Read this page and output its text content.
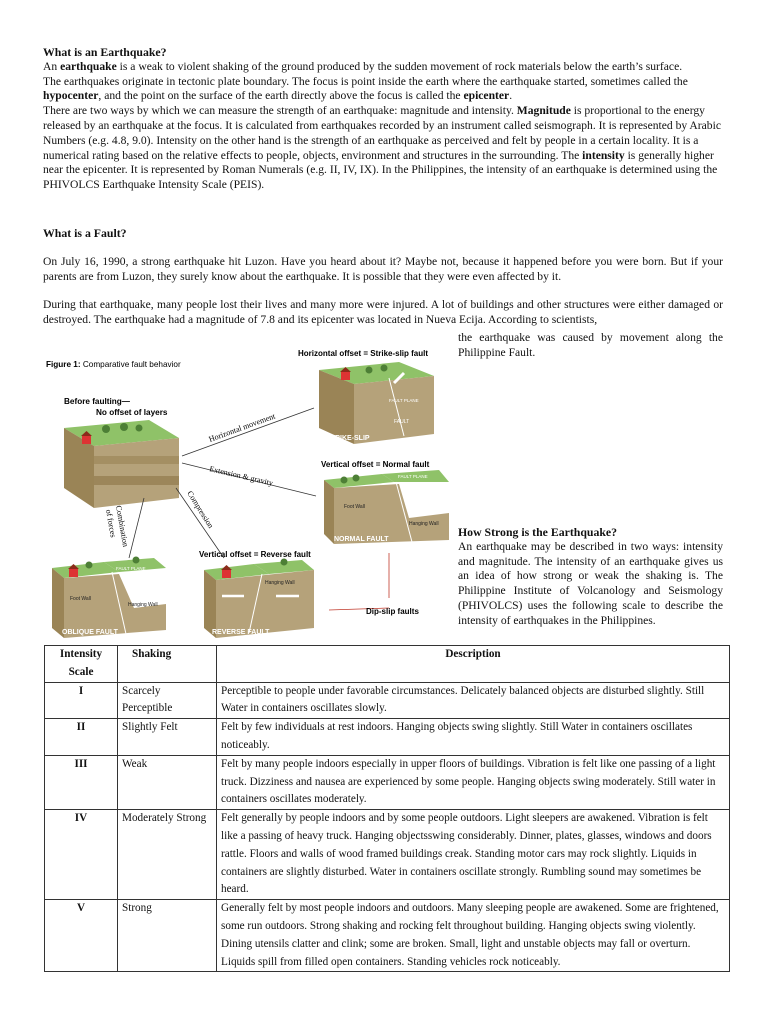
What is an Earthquake?

An earthquake is a weak to violent shaking of the ground produced by the sudden movement of rock materials below the earth’s surface.

The earthquakes originate in tectonic plate boundary. The focus is point inside the earth where the earthquake started, sometimes called the hypocenter, and the point on the surface of the earth directly above the focus is called the epicenter.

There are two ways by which we can measure the strength of an earthquake: magnitude and intensity. Magnitude is proportional to the energy released by an earthquake at the focus. It is calculated from earthquakes recorded by an instrument called seismograph. It is represented by Arabic Numbers (e.g. 4.8, 9.0). Intensity on the other hand is the strength of an earthquake as perceived and felt by people in a certain locality. It is a numerical rating based on the relative effects to people, objects, environment and structures in the surrounding. The intensity is generally higher near the epicenter. It is represented by Roman Numerals (e.g. II, IV, IX). In the Philippines, the intensity of an earthquake is determined using the PHIVOLCS Earthquake Intensity Scale (PEIS).

What is a Fault?

On July 16, 1990, a strong earthquake hit Luzon. Have you heard about it? Maybe not, because it happened before you were born. But if your parents are from Luzon, they surely know about the earthquake. It is possible that they were even affected by it.

During that earthquake, many people lost their lives and many more were injured. A lot of buildings and other structures were either damaged or destroyed. The earthquake had a magnitude of 7.8 and its epicenter was located in Nueva Ecija. According to scientists,

the earthquake was caused by movement along the Philippine Fault.
Figure 1: Comparative fault behavior
Before faulting—
No offset of layers
Horizontal offset = Strike-slip fault
FAULT PLANE
FAULT
STRIKE-SLIP
Vertical offset = Normal fault
FAULT PLANE
Foot Wall
Hanging Wall
NORMAL FAULT
Vertical offset = Reverse fault
Hanging Wall
REVERSE FAULT
FAULT PLANE
Foot Wall
Hanging Wall
OBLIQUE FAULT
Horizontal movement
Extension & gravity
Compression
Combination
of forces
Dip-slip faults

How Strong is the Earthquake?

An earthquake may be described in two ways: intensity and magnitude. The intensity of an earthquake gives us an idea of how strong or weak the shaking is. The Philippine Institute of Volcanology and Seismology (PHIVOLCS) uses the following scale to describe the intensity of earthquakes in the Philippines.

Intensity Scale	Shaking	Description
I	Scarcely Perceptible	Perceptible to people under favorable circumstances. Delicately balanced objects are disturbed slightly. Still Water in containers oscillates slowly.
II	Slightly Felt	Felt by few individuals at rest indoors. Hanging objects swing slightly. Still Water in containers oscillates noticeably.
III	Weak	Felt by many people indoors especially in upper floors of buildings. Vibration is felt like one passing of a light truck. Dizziness and nausea are experienced by some people. Hanging objects swing moderately. Still water in containers oscillates moderately.
IV	Moderately Strong	Felt generally by people indoors and by some people outdoors. Light sleepers are awakened. Vibration is felt like a passing of heavy truck. Hanging objectsswing considerably. Dinner, plates, glasses, windows and doors rattle. Floors and walls of wood framed buildings creak. Standing motor cars may rock slightly. Liquids in containers are slightly disturbed. Water in containers oscillate strongly. Rumbling sound may sometimes be heard.
V	Strong	Generally felt by most people indoors and outdoors. Many sleeping people are awakened. Some are frightened, some run outdoors. Strong shaking and rocking felt throughout building. Hanging objects swing violently. Dining utensils clatter and clink; some are broken. Small, light and unstable objects may fall or overturn. Liquids spill from filled open containers. Standing vehicles rock noticeably.
